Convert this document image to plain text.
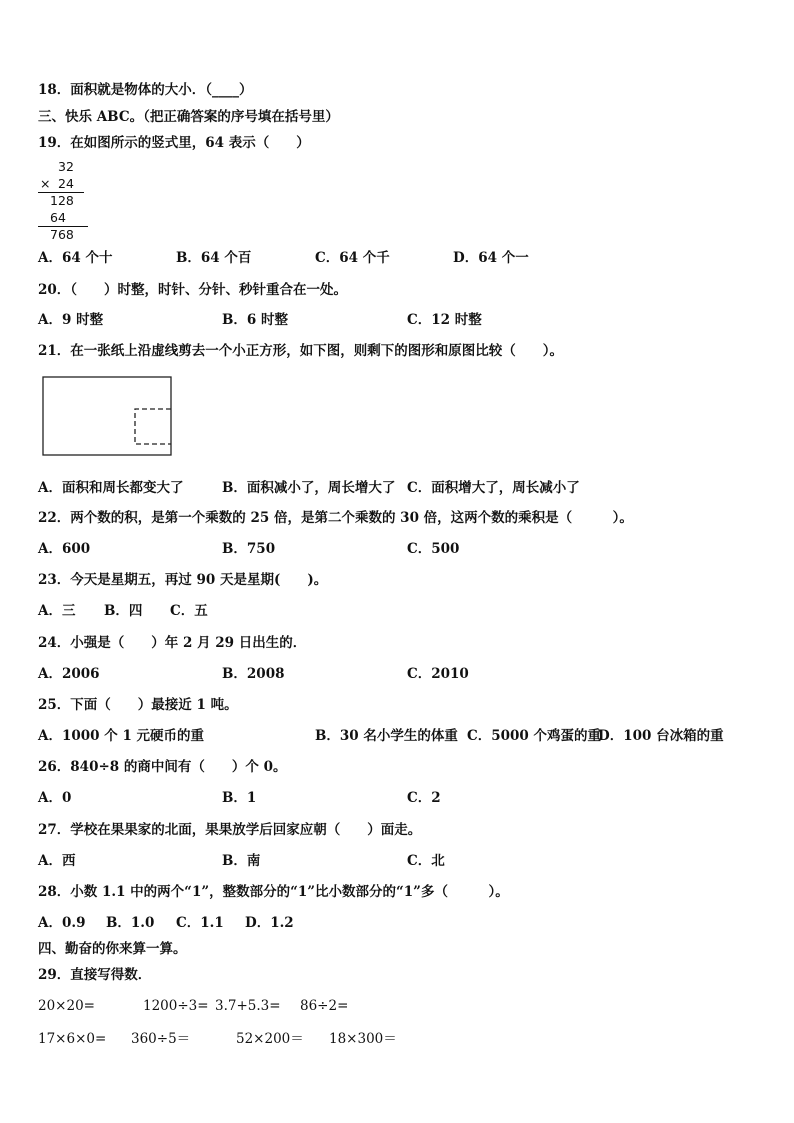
18．面积就是物体的大小．（____）
三、快乐 ABC。（把正确答案的序号填在括号里）
19．在如图所示的竖式里，64 表示（　　）
32
× 24
128
64
768
A．64 个十	B．64 个百	C．64 个千	D．64 个一
20．（　　）时整，时针、分针、秒针重合在一处。
A．9 时整	B．6 时整	C．12 时整
21．在一张纸上沿虚线剪去一个小正方形，如下图，则剩下的图形和原图比较（　　）。
A．面积和周长都变大了	B．面积减小了，周长增大了 C．面积增大了，周长减小了
22．两个数的积，是第一个乘数的 25 倍，是第二个乘数的 30 倍，这两个数的乘积是（　　　）。
A．600	B．750	C．500
23．今天是星期五，再过 90 天是星期(　　)。
A．三 B．四 C．五
24．小强是（　　）年 2 月 29 日出生的．
A．2006	B．2008	C．2010
25．下面（　　）最接近 1 吨。
A．1000 个 1 元硬币的重	B．30 名小学生的体重 C．5000 个鸡蛋的重
D．100 台冰箱的重
26．840÷8 的商中间有（　　）个 0。
A．0	B．1	C．2
27．学校在果果家的北面，果果放学后回家应朝（　　）面走。
A．西	B．南	C．北
28．小数 1.1 中的两个“1”，整数部分的“1”比小数部分的“1”多（　　　）。
A．0.9 B．1.0 C．1.1 D．1.2
四、勤奋的你来算一算。
29．直接写得数．
20×20=	1200÷3= 3.7+5.3= 86÷2=
17×6×0= 360÷5＝	52×200＝ 18×300＝
